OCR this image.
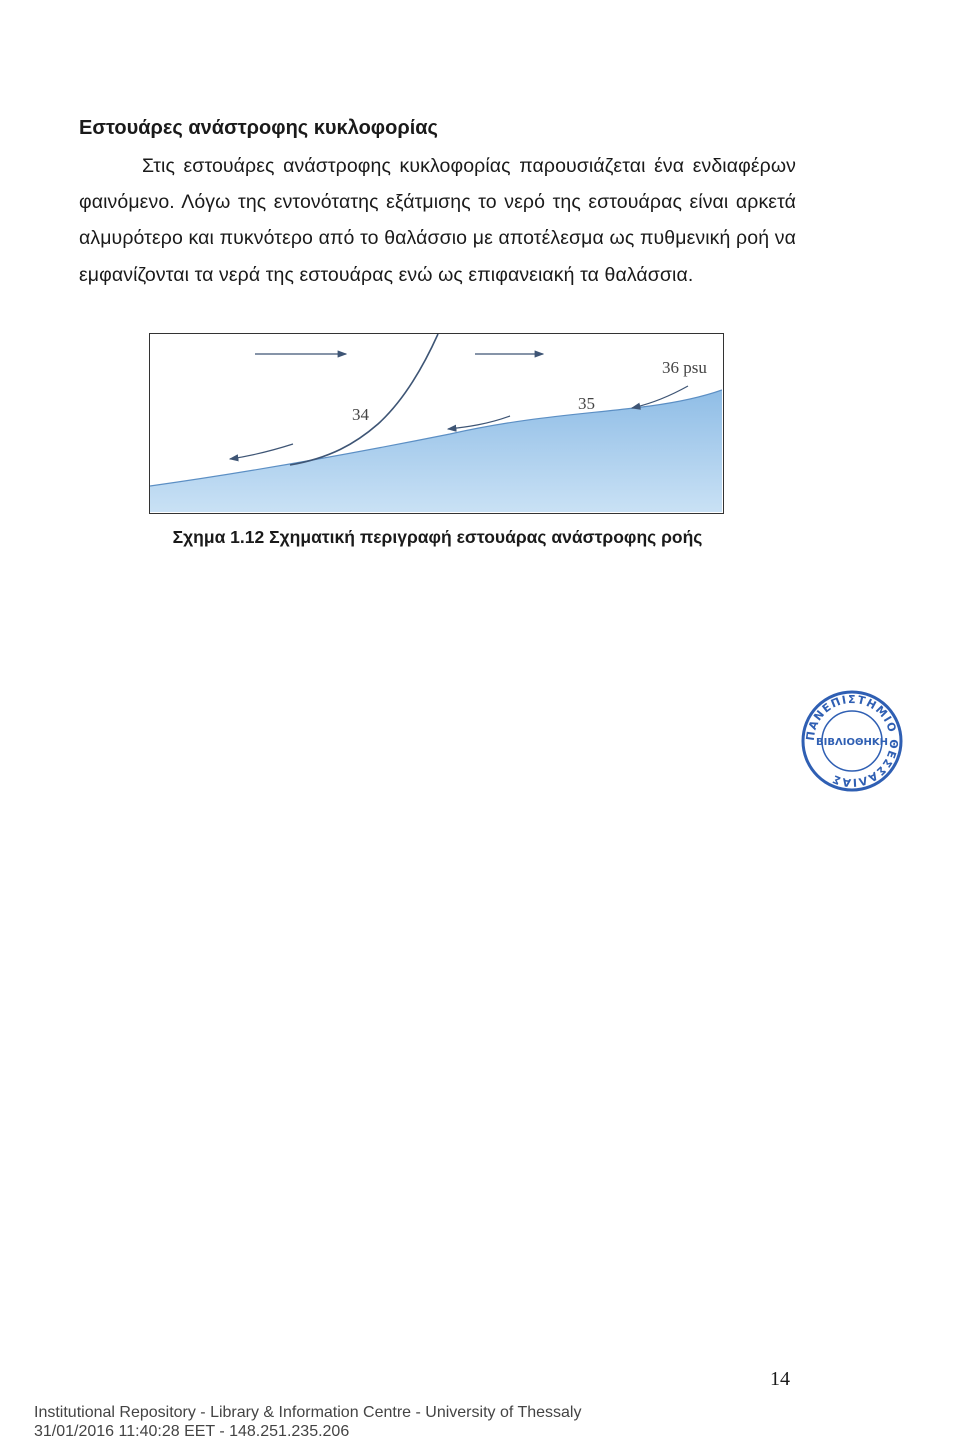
Εστουάρες ανάστροφης κυκλοφορίας

Στις εστουάρες ανάστροφης κυκλοφορίας παρουσιάζεται ένα ενδιαφέρων φαινόμενο. Λόγω της εντονότατης εξάτμισης το νερό της εστουάρας είναι αρκετά αλμυρότερο και πυκνότερο από το θαλάσσιο με αποτέλεσμα ως πυθμενική ροή να εμφανίζονται τα νερά της εστουάρας ενώ ως επιφανειακή τα θαλάσσια.

34
35
36 psu

Σχημα 1.12 Σχηματική περιγραφή εστουάρας ανάστροφης ροής

ΠΑΝΕΠΙΣΤΗΜΙΟ ΘΕΣΣΑΛΙΑΣ
ΒΙΒΛΙΟΘΗΚΗ
14
Institutional Repository - Library & Information Centre - University of Thessaly
31/01/2016 11:40:28 EET - 148.251.235.206
